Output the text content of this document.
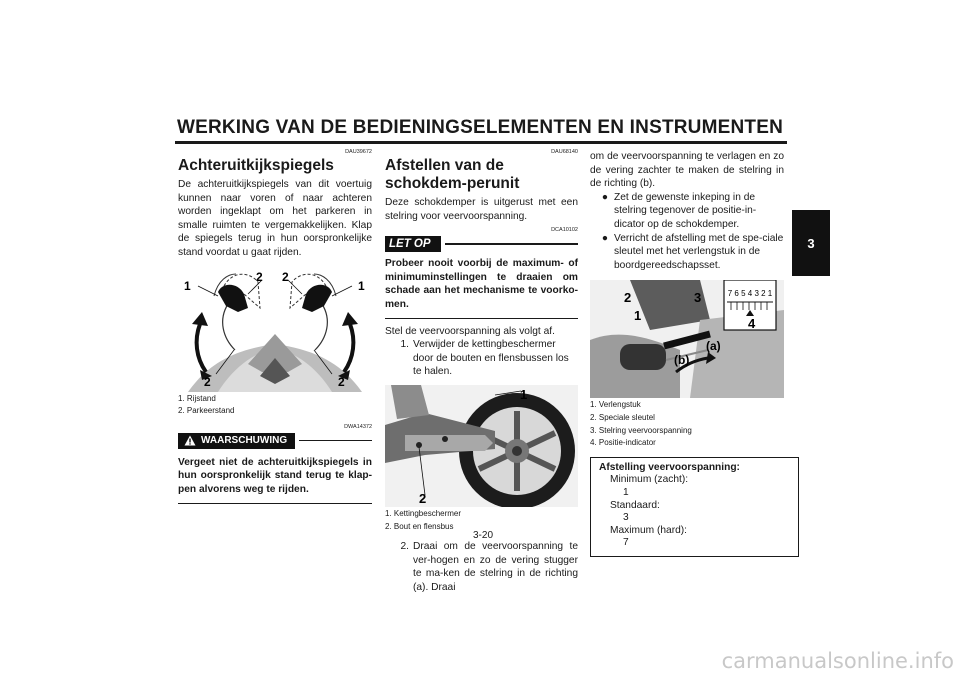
WERKING VAN DE BEDIENINGSELEMENTEN EN INSTRUMENTEN
3
DAU39672
Achteruitkijkspiegels

De achteruitkijkspiegels van dit voertuig kunnen naar voren of naar achteren worden ingeklapt om het parkeren in smalle ruimten te vergemakkelijken. Klap de spiegels terug in hun oorspronkelijke stand voordat u gaat rijden.

1
2 2
1
2	2
1. Rijstand
2. Parkeerstand
DWA14372
WAARSCHUWING
Vergeet niet de achteruitkijkspiegels in hun oorspronkelijk stand terug te klap-pen alvorens weg te rijden.
DAU68140
Afstellen van de schokdem-perunit

Deze schokdemper is uitgerust met een stelring voor veervoorspanning.

DCA10102
LET OP
Probeer nooit voorbij de maximum- of minimuminstellingen te draaien om schade aan het mechanisme te voorko-men.

Stel de veervoorspanning als volgt af.

1. Verwijder de kettingbeschermer door de bouten en flensbussen los te halen.
1
2
1. Kettingbeschermer
2. Bout en flensbus
2. Draai om de veervoorspanning te ver-hogen en zo de vering stugger te ma-ken de stelring in de richting (a). Draai

om de veervoorspanning te verlagen en zo de vering zachter te maken de stelring in de richting (b).

● Zet de gewenste inkeping in de stelring tegenover de positie-in-dicator op de schokdemper.
● Verricht de afstelling met de spe-ciale sleutel met het verlengstuk in de boordgereedschapsset.
7 6 5 4 3 2 1
2	3
1
4
(a)
(b)
1. Verlengstuk
2. Speciale sleutel
3. Stelring veervoorspanning
4. Positie-indicator
Afstelling veervoorspanning:
Minimum (zacht):
1
Standaard:
3
Maximum (hard):
7
3-20
carmanualsonline.info
